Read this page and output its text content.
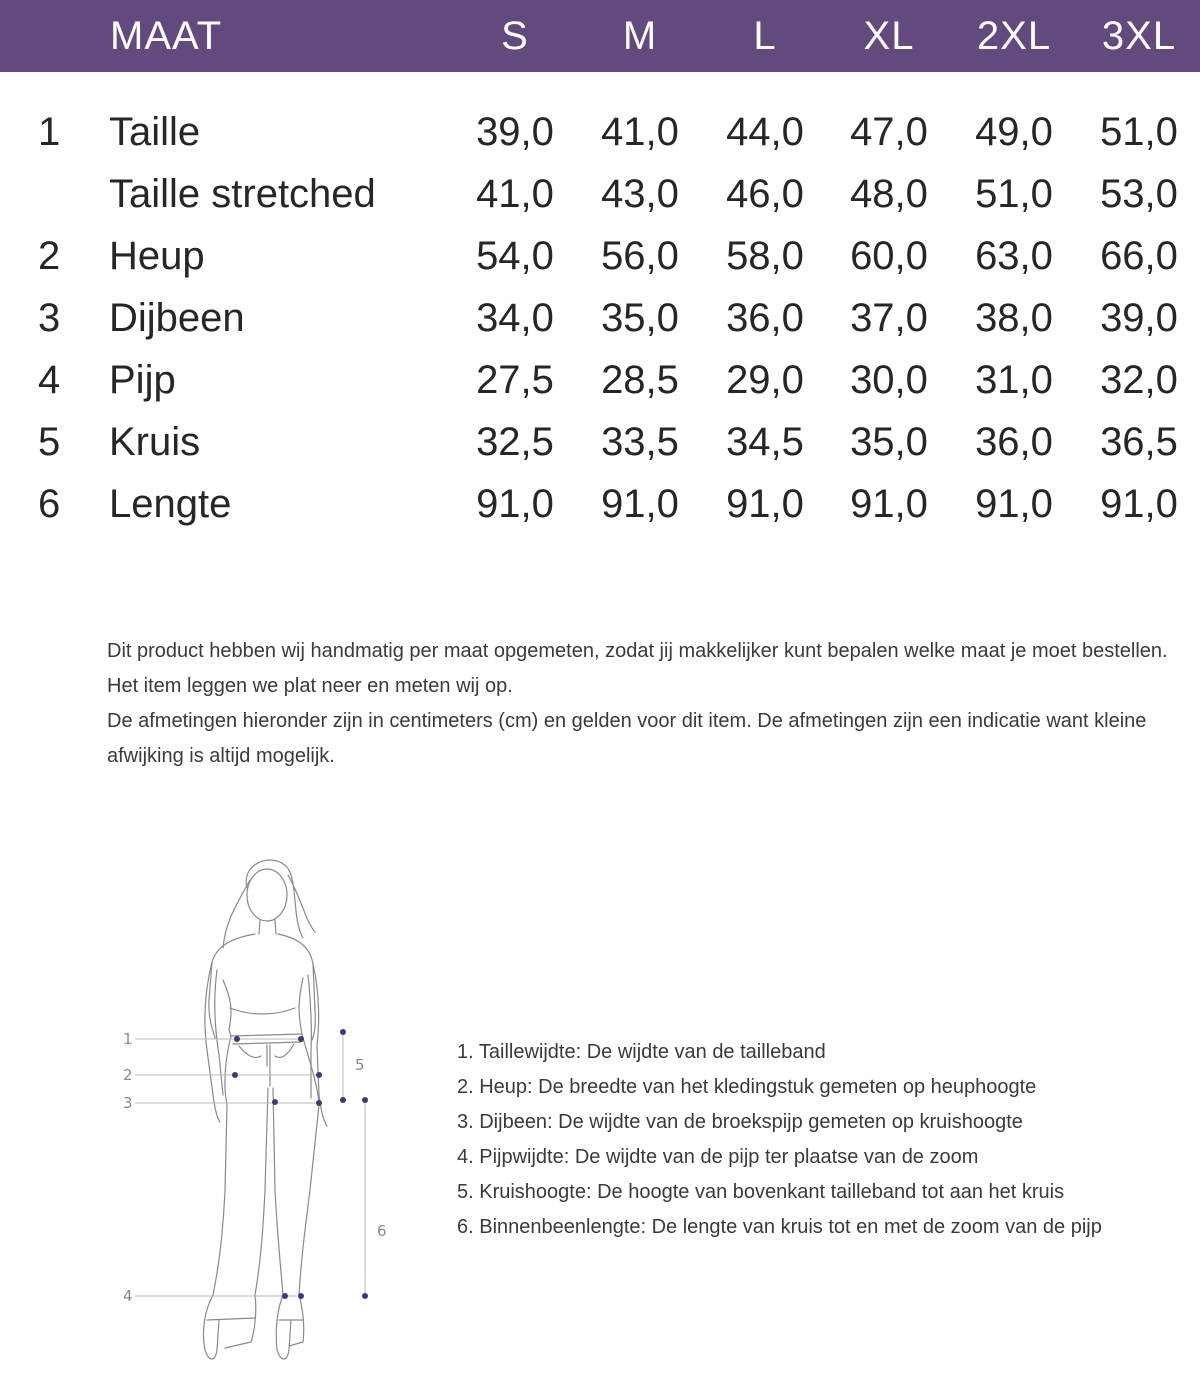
MAAT	S	M	L	XL	2XL	3XL
1	Taille	39,0	41,0	44,0	47,0	49,0	51,0
Taille stretched	41,0	43,0	46,0	48,0	51,0	53,0
2	Heup	54,0	56,0	58,0	60,0	63,0	66,0
3	Dijbeen	34,0	35,0	36,0	37,0	38,0	39,0
4	Pijp	27,5	28,5	29,0	30,0	31,0	32,0
5	Kruis	32,5	33,5	34,5	35,0	36,0	36,5
6	Lengte	91,0	91,0	91,0	91,0	91,0	91,0

Dit product hebben wij handmatig per maat opgemeten, zodat jij makkelijker kunt bepalen welke maat je moet bestellen.

Het item leggen we plat neer en meten wij op.

De afmetingen hieronder zijn in centimeters (cm) en gelden voor dit item. De afmetingen zijn een indicatie want kleine afwijking is altijd mogelijk.

1
2
3
4
5
6
1. Taillewijdte: De wijdte van de tailleband
2. Heup: De breedte van het kledingstuk gemeten op heuphoogte
3. Dijbeen: De wijdte van de broekspijp gemeten op kruishoogte
4. Pijpwijdte: De wijdte van de pijp ter plaatse van de zoom
5. Kruishoogte: De hoogte van bovenkant tailleband tot aan het kruis
6. Binnenbeenlengte: De lengte van kruis tot en met de zoom van de pijp
